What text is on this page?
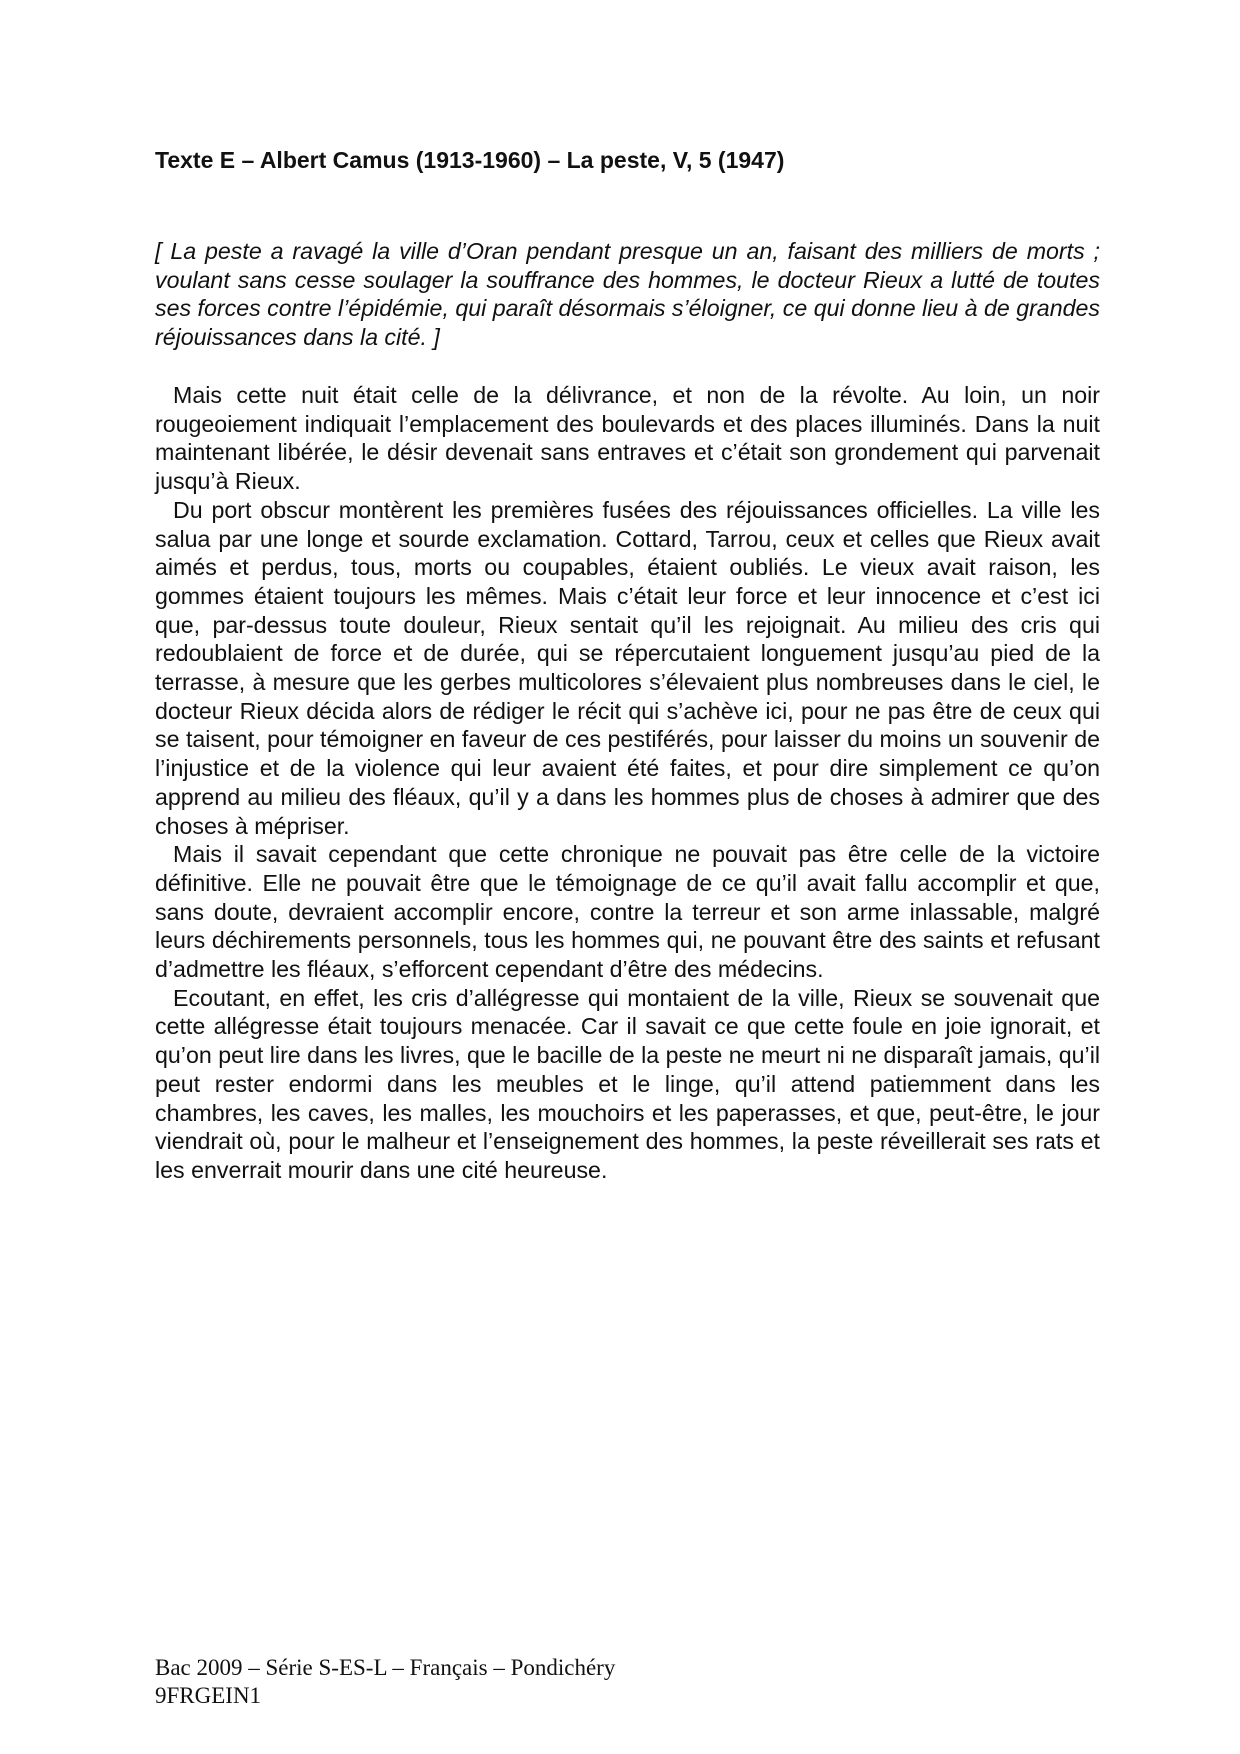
Texte E – Albert Camus (1913-1960) – La peste, V, 5 (1947)

[ La peste a ravagé la ville d’Oran pendant presque un an, faisant des milliers de morts ; voulant sans cesse soulager la souffrance des hommes, le docteur Rieux a lutté de toutes ses forces contre l’épidémie, qui paraît désormais s’éloigner, ce qui donne lieu à de grandes réjouissances dans la cité. ]

Mais cette nuit était celle de la délivrance, et non de la révolte. Au loin, un noir rougeoiement indiquait l’emplacement des boulevards et des places illuminés. Dans la nuit maintenant libérée, le désir devenait sans entraves et c’était son grondement qui parvenait jusqu’à Rieux.

Du port obscur montèrent les premières fusées des réjouissances officielles. La ville les salua par une longe et sourde exclamation. Cottard, Tarrou, ceux et celles que Rieux avait aimés et perdus, tous, morts ou coupables, étaient oubliés. Le vieux avait raison, les gommes étaient toujours les mêmes. Mais c’était leur force et leur innocence et c’est ici que, par-dessus toute douleur, Rieux sentait qu’il les rejoignait. Au milieu des cris qui redoublaient de force et de durée, qui se répercutaient longuement jusqu’au pied de la terrasse, à mesure que les gerbes multicolores s’élevaient plus nombreuses dans le ciel, le docteur Rieux décida alors de rédiger le récit qui s’achève ici, pour ne pas être de ceux qui se taisent, pour témoigner en faveur de ces pestiférés, pour laisser du moins un souvenir de l’injustice et de la violence qui leur avaient été faites, et pour dire simplement ce qu’on apprend au milieu des fléaux, qu’il y a dans les hommes plus de choses à admirer que des choses à mépriser.

Mais il savait cependant que cette chronique ne pouvait pas être celle de la victoire définitive. Elle ne pouvait être que le témoignage de ce qu’il avait fallu accomplir et que, sans doute, devraient accomplir encore, contre la terreur et son arme inlassable, malgré leurs déchirements personnels, tous les hommes qui, ne pouvant être des saints et refusant d’admettre les fléaux, s’efforcent cependant d’être des médecins.

Ecoutant, en effet, les cris d’allégresse qui montaient de la ville, Rieux se souvenait que cette allégresse était toujours menacée. Car il savait ce que cette foule en joie ignorait, et qu’on peut lire dans les livres, que le bacille de la peste ne meurt ni ne disparaît jamais, qu’il peut rester endormi dans les meubles et le linge, qu’il attend patiemment dans les chambres, les caves, les malles, les mouchoirs et les paperasses, et que, peut-être, le jour viendrait où, pour le malheur et l’enseignement des hommes, la peste réveillerait ses rats et les enverrait mourir dans une cité heureuse.

Bac 2009 – Série S-ES-L – Français – Pondichéry
9FRGEIN1
